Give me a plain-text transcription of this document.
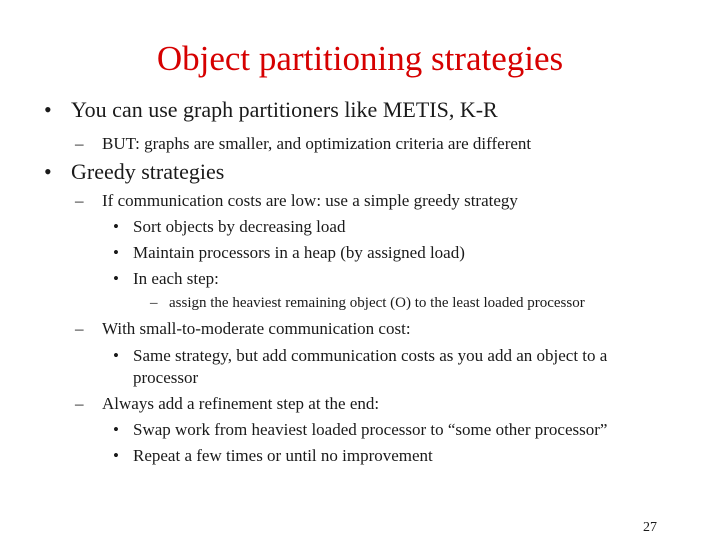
Object partitioning strategies
• You can use graph partitioners like METIS, K-R
– BUT: graphs are smaller, and optimization criteria are different
• Greedy strategies
– If communication costs are low: use a simple greedy strategy
• Sort objects by decreasing load
• Maintain processors in a heap (by assigned load)
• In each step:
– assign the heaviest remaining object (O) to the least loaded processor
– With small-to-moderate communication cost:
• Same strategy, but add communication costs as you add an object to a
processor
– Always add a refinement step at the end:
• Swap work from heaviest loaded processor to “some other processor”
• Repeat a few times or until no improvement
27
